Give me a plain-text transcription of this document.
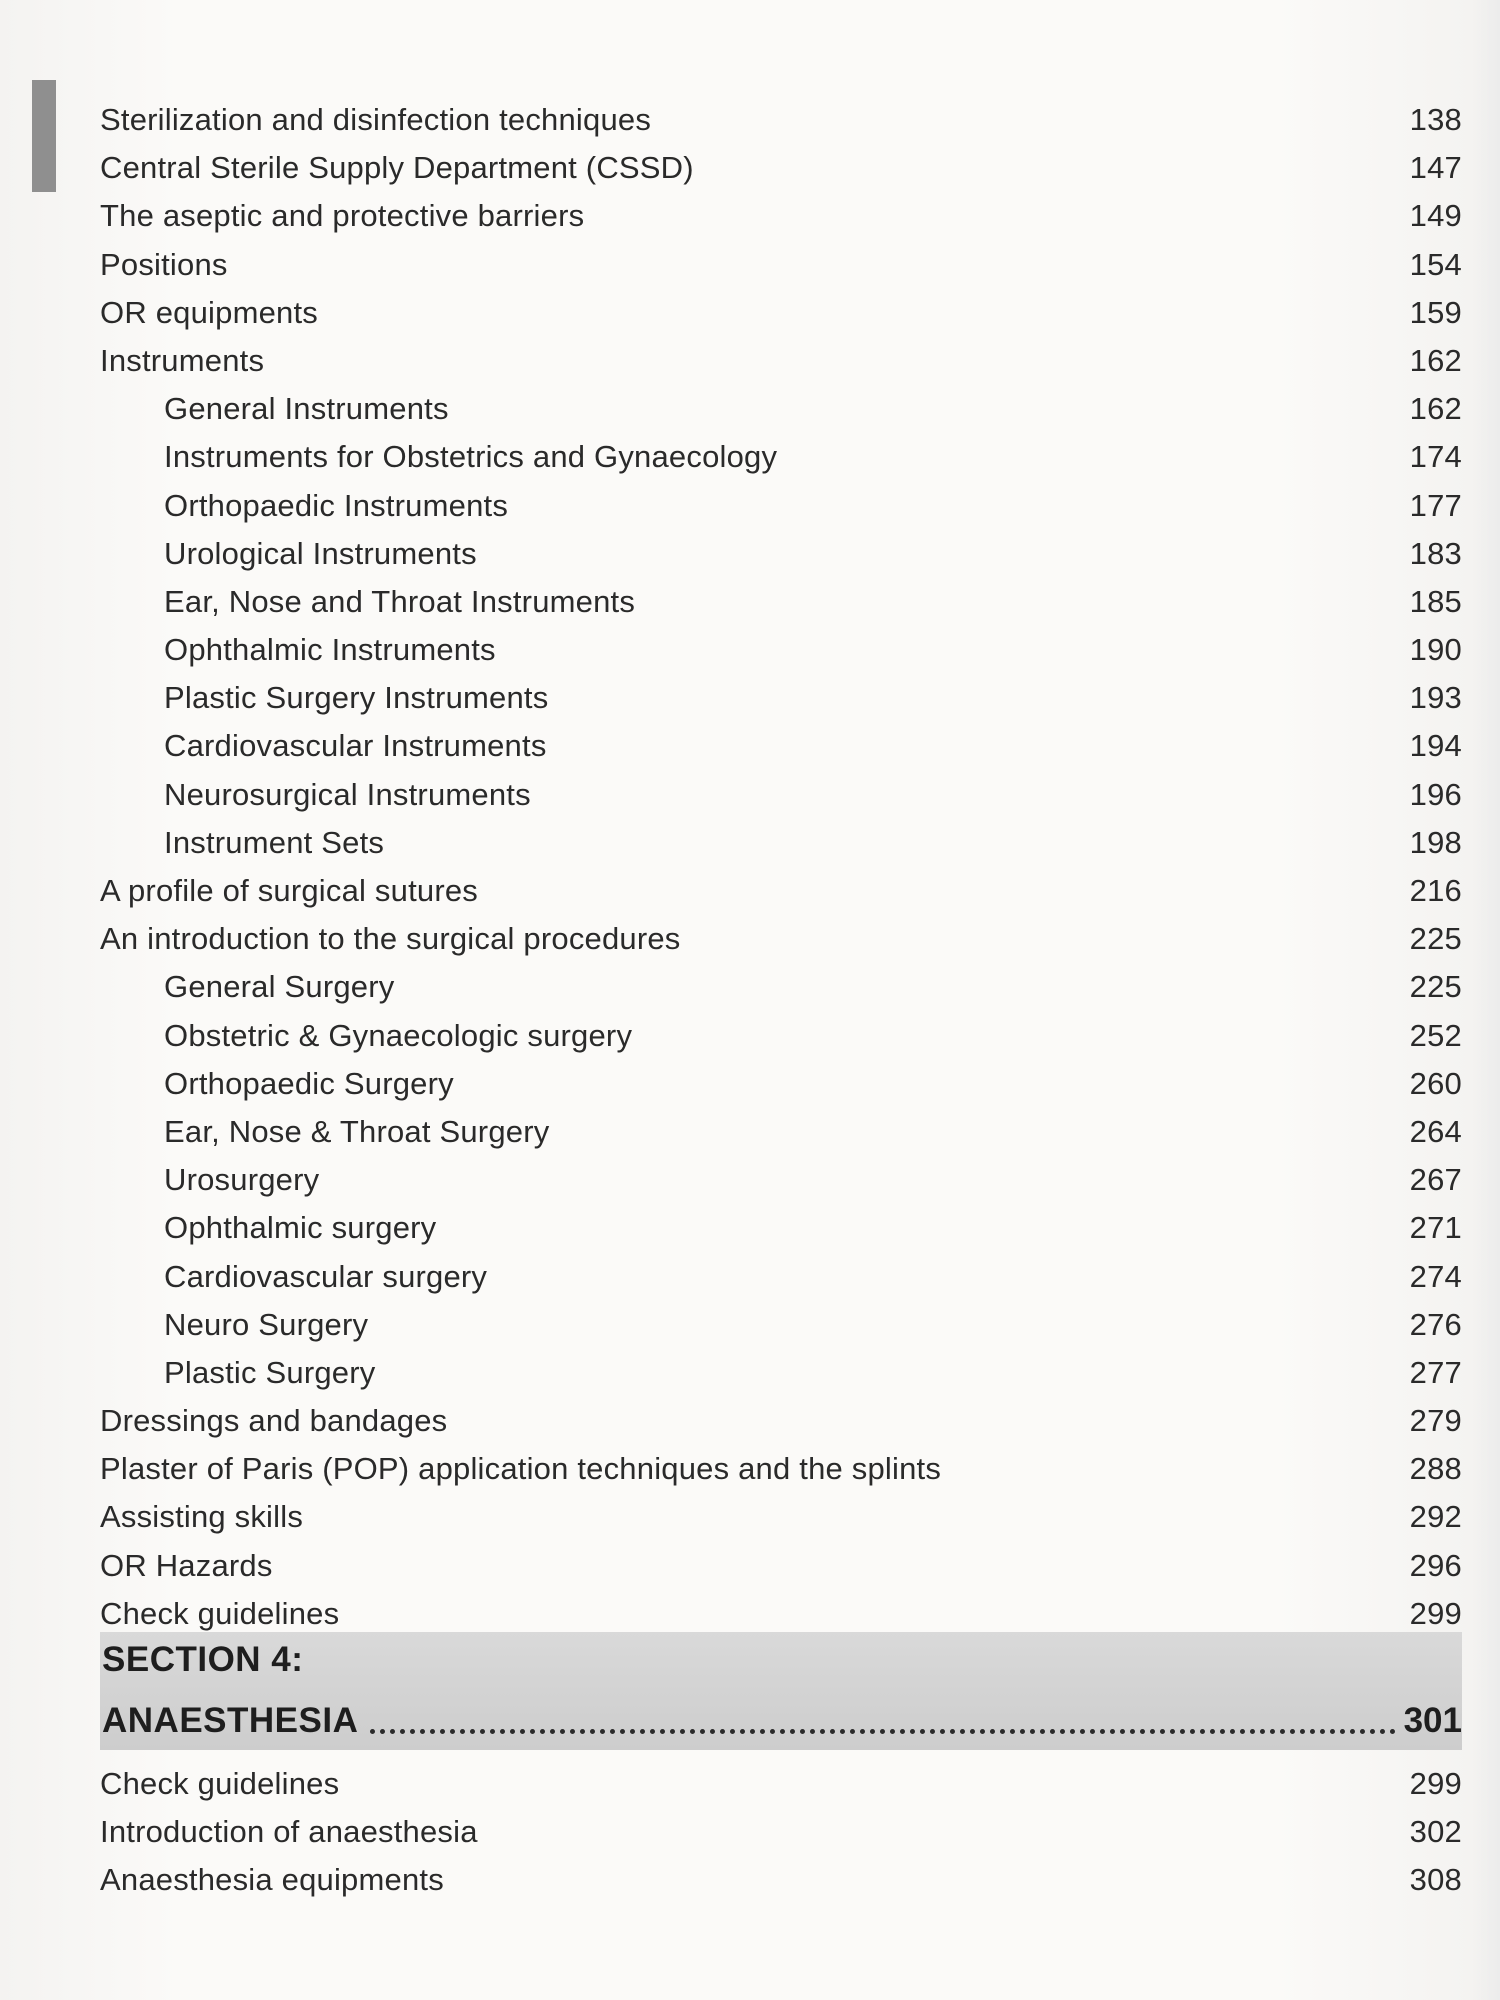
Sterilization and disinfection techniques	138
Central Sterile Supply Department (CSSD)	147
The aseptic and protective barriers	149
Positions	154
OR equipments	159
Instruments	162
General Instruments	162
Instruments for Obstetrics and Gynaecology	174
Orthopaedic Instruments	177
Urological Instruments	183
Ear, Nose and Throat Instruments	185
Ophthalmic Instruments	190
Plastic Surgery Instruments	193
Cardiovascular Instruments	194
Neurosurgical Instruments	196
Instrument Sets	198
A profile of surgical sutures	216
An introduction to the surgical procedures	225
General Surgery	225
Obstetric & Gynaecologic surgery	252
Orthopaedic Surgery	260
Ear, Nose & Throat Surgery	264
Urosurgery	267
Ophthalmic surgery	271
Cardiovascular surgery	274
Neuro Surgery	276
Plastic Surgery	277
Dressings and bandages	279
Plaster of Paris (POP) application techniques and the splints	288
Assisting skills	292
OR Hazards	296
Check guidelines	299
SECTION 4:
ANAESTHESIA	301
Check guidelines	299
Introduction of anaesthesia	302
Anaesthesia equipments	308
